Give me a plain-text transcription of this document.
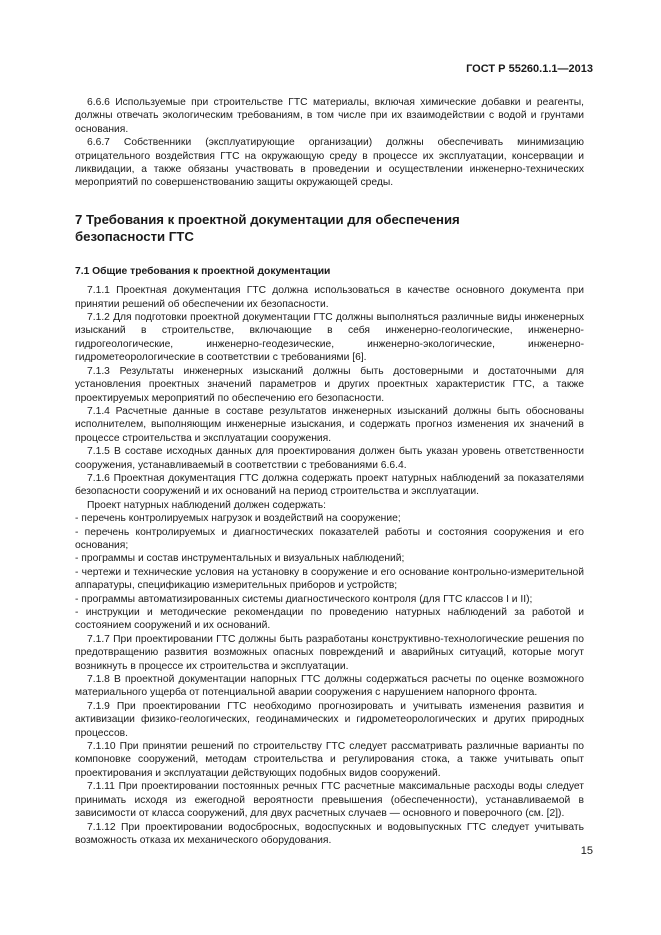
ГОСТ Р 55260.1.1—2013

6.6.6 Используемые при строительстве ГТС материалы, включая химические добавки и реагенты, должны отвечать экологическим требованиям, в том числе при их взаимодействии с водой и грунтами основания.

6.6.7 Собственники (эксплуатирующие организации) должны обеспечивать минимизацию отрицательного воздействия ГТС на окружающую среду в процессе их эксплуатации, консервации и ликвидации, а также обязаны участвовать в проведении и осуществлении инженерно-технических мероприятий по совершенствованию защиты окружающей среды.

7 Требования к проектной документации для обеспечения
безопасности ГТС
7.1 Общие требования к проектной документации

7.1.1 Проектная документация ГТС должна использоваться в качестве основного документа при принятии решений об обеспечении их безопасности.

7.1.2 Для подготовки проектной документации ГТС должны выполняться различные виды инженерных изысканий в строительстве, включающие в себя инженерно-геологические, инженерно-гидрогеологические, инженерно-геодезические, инженерно-экологические, инженерно-гидрометеорологические в соответствии с требованиями [6].

7.1.3 Результаты инженерных изысканий должны быть достоверными и достаточными для установления проектных значений параметров и других проектных характеристик ГТС, а также проектируемых мероприятий по обеспечению его безопасности.

7.1.4 Расчетные данные в составе результатов инженерных изысканий должны быть обоснованы исполнителем, выполняющим инженерные изыскания, и содержать прогноз изменения их значений в процессе строительства и эксплуатации сооружения.

7.1.5 В составе исходных данных для проектирования должен быть указан уровень ответственности сооружения, устанавливаемый в соответствии с требованиями 6.6.4.

7.1.6 Проектная документация ГТС должна содержать проект натурных наблюдений за показателями безопасности сооружений и их оснований на период строительства и эксплуатации.

Проект натурных наблюдений должен содержать:

- перечень контролируемых нагрузок и воздействий на сооружение;

- перечень контролируемых и диагностических показателей работы и состояния сооружения и его основания;

- программы и состав инструментальных и визуальных наблюдений;

- чертежи и технические условия на установку в сооружение и его основание контрольно-измерительной аппаратуры, спецификацию измерительных приборов и устройств;

- программы автоматизированных системы диагностического контроля (для ГТС классов I и II);

- инструкции и методические рекомендации по проведению натурных наблюдений за работой и состоянием сооружений и их оснований.

7.1.7 При проектировании ГТС должны быть разработаны конструктивно-технологические решения по предотвращению развития возможных опасных повреждений и аварийных ситуаций, которые могут возникнуть в процессе их строительства и эксплуатации.

7.1.8 В проектной документации напорных ГТС должны содержаться расчеты по оценке возможного материального ущерба от потенциальной аварии сооружения с нарушением напорного фронта.

7.1.9 При проектировании ГТС необходимо прогнозировать и учитывать изменения развития и активизации физико-геологических, геодинамических и гидрометеорологических и других природных процессов.

7.1.10 При принятии решений по строительству ГТС следует рассматривать различные варианты по компоновке сооружений, методам строительства и регулирования стока, а также учитывать опыт проектирования и эксплуатации действующих подобных видов сооружений.

7.1.11 При проектировании постоянных речных ГТС расчетные максимальные расходы воды следует принимать исходя из ежегодной вероятности превышения (обеспеченности), устанавливаемой в зависимости от класса сооружений, для двух расчетных случаев — основного и поверочного (см. [2]).

7.1.12 При проектировании водосбросных, водоспускных и водовыпускных ГТС следует учитывать возможность отказа их механического оборудования.

15
